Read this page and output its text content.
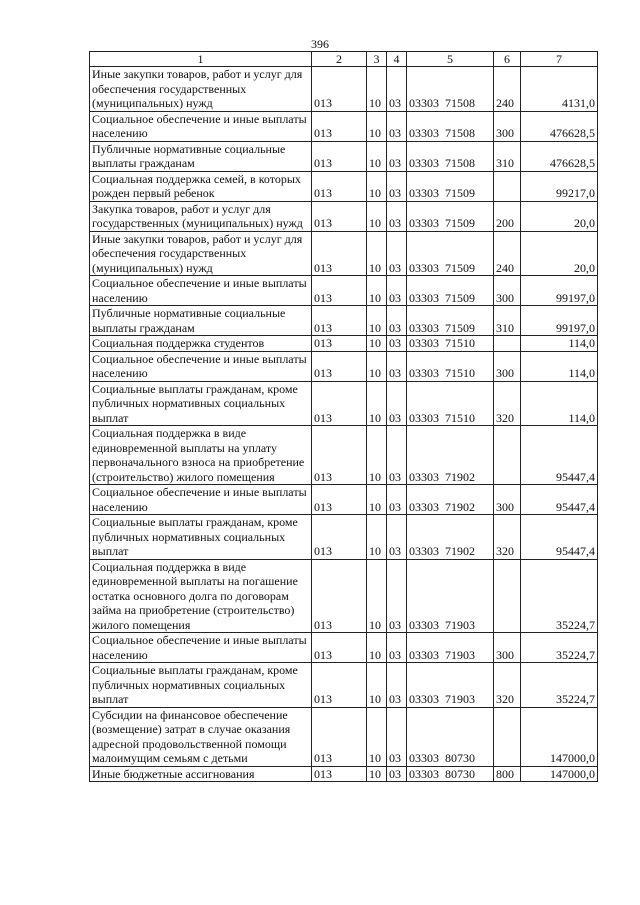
396
1	2	3	4	5	6	7
Иные закупки товаров, работ и услуг для обеспечения государственных (муниципальных) нужд	013	10	03	03303  71508	240	4131,0
Социальное обеспечение и иные выплаты населению	013	10	03	03303  71508	300	476628,5
Публичные нормативные социальные выплаты гражданам	013	10	03	03303  71508	310	476628,5
Социальная поддержка семей, в которых рожден первый ребенок	013	10	03	03303  71509		99217,0
Закупка товаров, работ и услуг для государственных (муниципальных) нужд	013	10	03	03303  71509	200	20,0
Иные закупки товаров, работ и услуг для обеспечения государственных (муниципальных) нужд	013	10	03	03303  71509	240	20,0
Социальное обеспечение и иные выплаты населению	013	10	03	03303  71509	300	99197,0
Публичные нормативные социальные выплаты гражданам	013	10	03	03303  71509	310	99197,0
Социальная поддержка студентов	013	10	03	03303  71510		114,0
Социальное обеспечение и иные выплаты населению	013	10	03	03303  71510	300	114,0
Социальные выплаты гражданам, кроме публичных нормативных социальных выплат	013	10	03	03303  71510	320	114,0
Социальная поддержка в виде единовременной выплаты на уплату первоначального взноса на приобретение (строительство) жилого помещения	013	10	03	03303  71902		95447,4
Социальное обеспечение и иные выплаты населению	013	10	03	03303  71902	300	95447,4
Социальные выплаты гражданам, кроме публичных нормативных социальных выплат	013	10	03	03303  71902	320	95447,4
Социальная поддержка в виде единовременной выплаты на погашение остатка основного долга по договорам займа на приобретение (строительство) жилого помещения	013	10	03	03303  71903		35224,7
Социальное обеспечение и иные выплаты населению	013	10	03	03303  71903	300	35224,7
Социальные выплаты гражданам, кроме публичных нормативных социальных выплат	013	10	03	03303  71903	320	35224,7
Субсидии на финансовое обеспечение (возмещение) затрат в случае оказания адресной продовольственной помощи малоимущим семьям с детьми	013	10	03	03303  80730		147000,0
Иные бюджетные ассигнования	013	10	03	03303  80730	800	147000,0
